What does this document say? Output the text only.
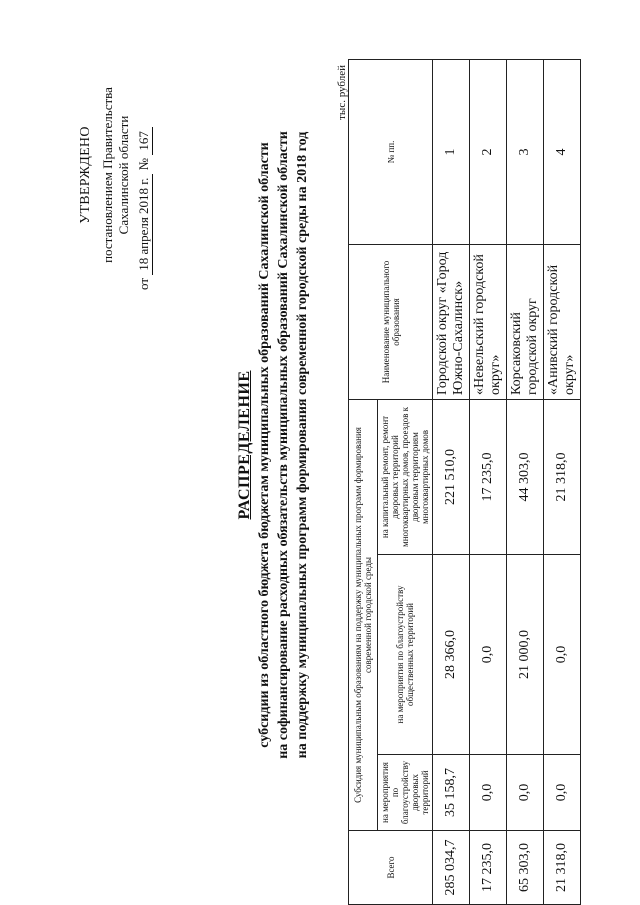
УТВЕРЖДЕНО постановлением Правительства Сахалинской области
от 18 апреля 2018 г. № 167
РАСПРЕДЕЛЕНИЕ субсидии из областного бюджета бюджетам муниципальных образований Сахалинской области на софинансирование расходных обязательств муниципальных образований Сахалинской области на поддержку муниципальных программ формирования современной городской среды на 2018 год
тыс. рублей
Всего	Субсидия муниципальным образованиям на поддержку муниципальных программ формирования современной городской среды			Наименование муниципального образования	№ пп.
	на мероприятия по благоустройству дворовых территорий	на мероприятия по благоустройству общественных территорий	на капитальный ремонт, ремонт дворовых территорий многоквартирных домов, проездов к дворовым территориям многоквартирных домов		
285 034,7	35 158,7	28 366,0	221 510,0	Городской округ «Город Южно-Сахалинск»	1
17 235,0	0,0	0,0	17 235,0	«Невельский городской округ»	2
65 303,0	0,0	21 000,0	44 303,0	Корсаковский городской округ	3
21 318,0	0,0	0,0	21 318,0	«Анивский городской округ»	4
